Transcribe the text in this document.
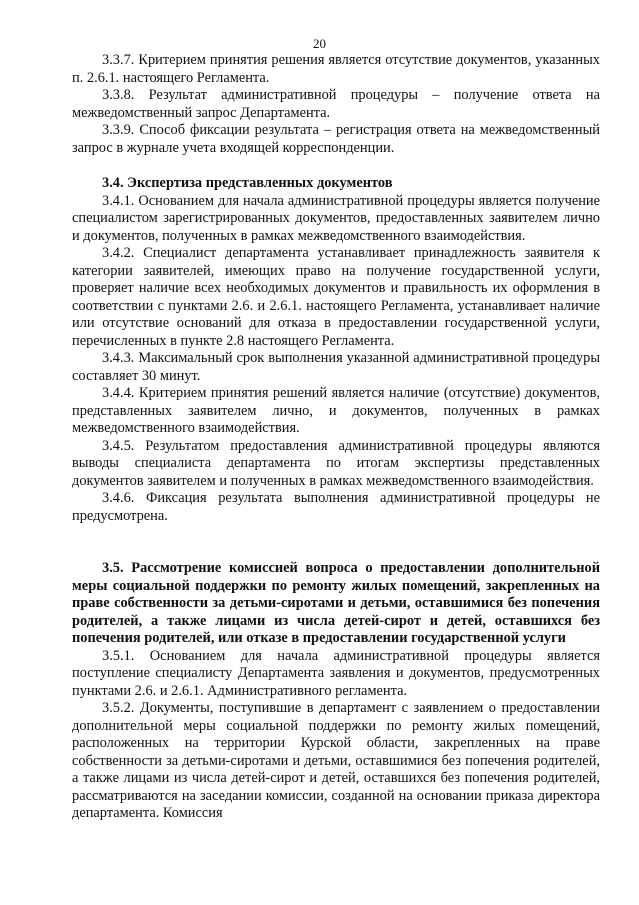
20

3.3.7. Критерием принятия решения является отсутствие документов, указанных п. 2.6.1. настоящего Регламента.

3.3.8. Результат административной процедуры – получение ответа на межведомственный запрос Департамента.

3.3.9. Способ фиксации результата – регистрация ответа на межведомственный запрос в журнале учета входящей корреспонденции.

3.4. Экспертиза представленных документов

3.4.1. Основанием для начала административной процедуры является получение специалистом зарегистрированных документов, предоставленных заявителем лично и документов, полученных в рамках межведомственного взаимодействия.

3.4.2. Специалист департамента устанавливает принадлежность заявителя к категории заявителей, имеющих право на получение государственной услуги, проверяет наличие всех необходимых документов и правильность их оформления в соответствии с пунктами 2.6. и 2.6.1. настоящего Регламента, устанавливает наличие или отсутствие оснований для отказа в предоставлении государственной услуги, перечисленных в пункте 2.8 настоящего Регламента.

3.4.3. Максимальный срок выполнения указанной административной процедуры составляет 30 минут.

3.4.4. Критерием принятия решений является наличие (отсутствие) документов, представленных заявителем лично, и документов, полученных в рамках межведомственного взаимодействия.

3.4.5. Результатом предоставления административной процедуры являются выводы специалиста департамента по итогам экспертизы представленных документов заявителем и полученных в рамках межведомственного взаимодействия.

3.4.6. Фиксация результата выполнения административной процедуры не предусмотрена.

3.5. Рассмотрение комиссией вопроса о предоставлении дополнительной меры социальной поддержки по ремонту жилых помещений, закрепленных на праве собственности за детьми-сиротами и детьми, оставшимися без попечения родителей, а также лицами из числа детей-сирот и детей, оставшихся без попечения родителей, или отказе в предоставлении государственной услуги

3.5.1. Основанием для начала административной процедуры является поступление специалисту Департамента заявления и документов, предусмотренных пунктами 2.6. и 2.6.1. Административного регламента.

3.5.2. Документы, поступившие в департамент с заявлением о предоставлении дополнительной меры социальной поддержки по ремонту жилых помещений, расположенных на территории Курской области, закрепленных на праве собственности за детьми-сиротами и детьми, оставшимися без попечения родителей, а также лицами из числа детей-сирот и детей, оставшихся без попечения родителей, рассматриваются на заседании комиссии, созданной на основании приказа директора департамента. Комиссия
